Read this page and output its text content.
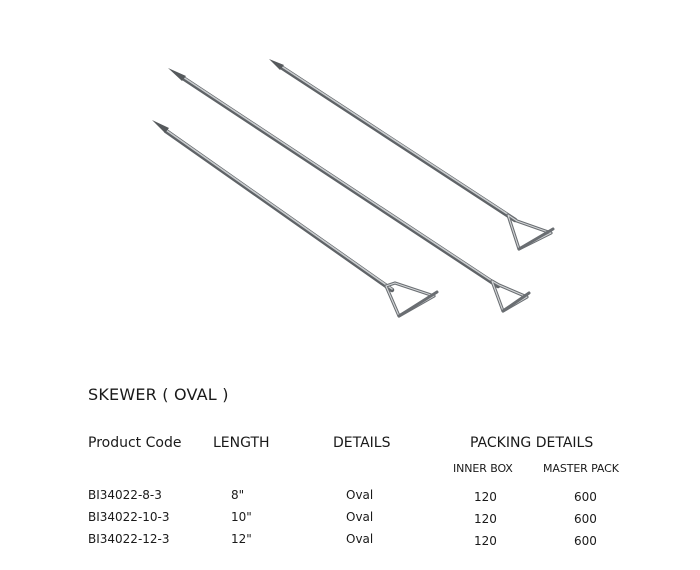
SKEWER ( OVAL )
Product Code LENGTH	DETAILS	PACKING DETAILS
INNER BOX	MASTER PACK
BI34022-8-3	8"	Oval	120	600
BI34022-10-3	10"	Oval	120	600
BI34022-12-3	12"	Oval	120	600
